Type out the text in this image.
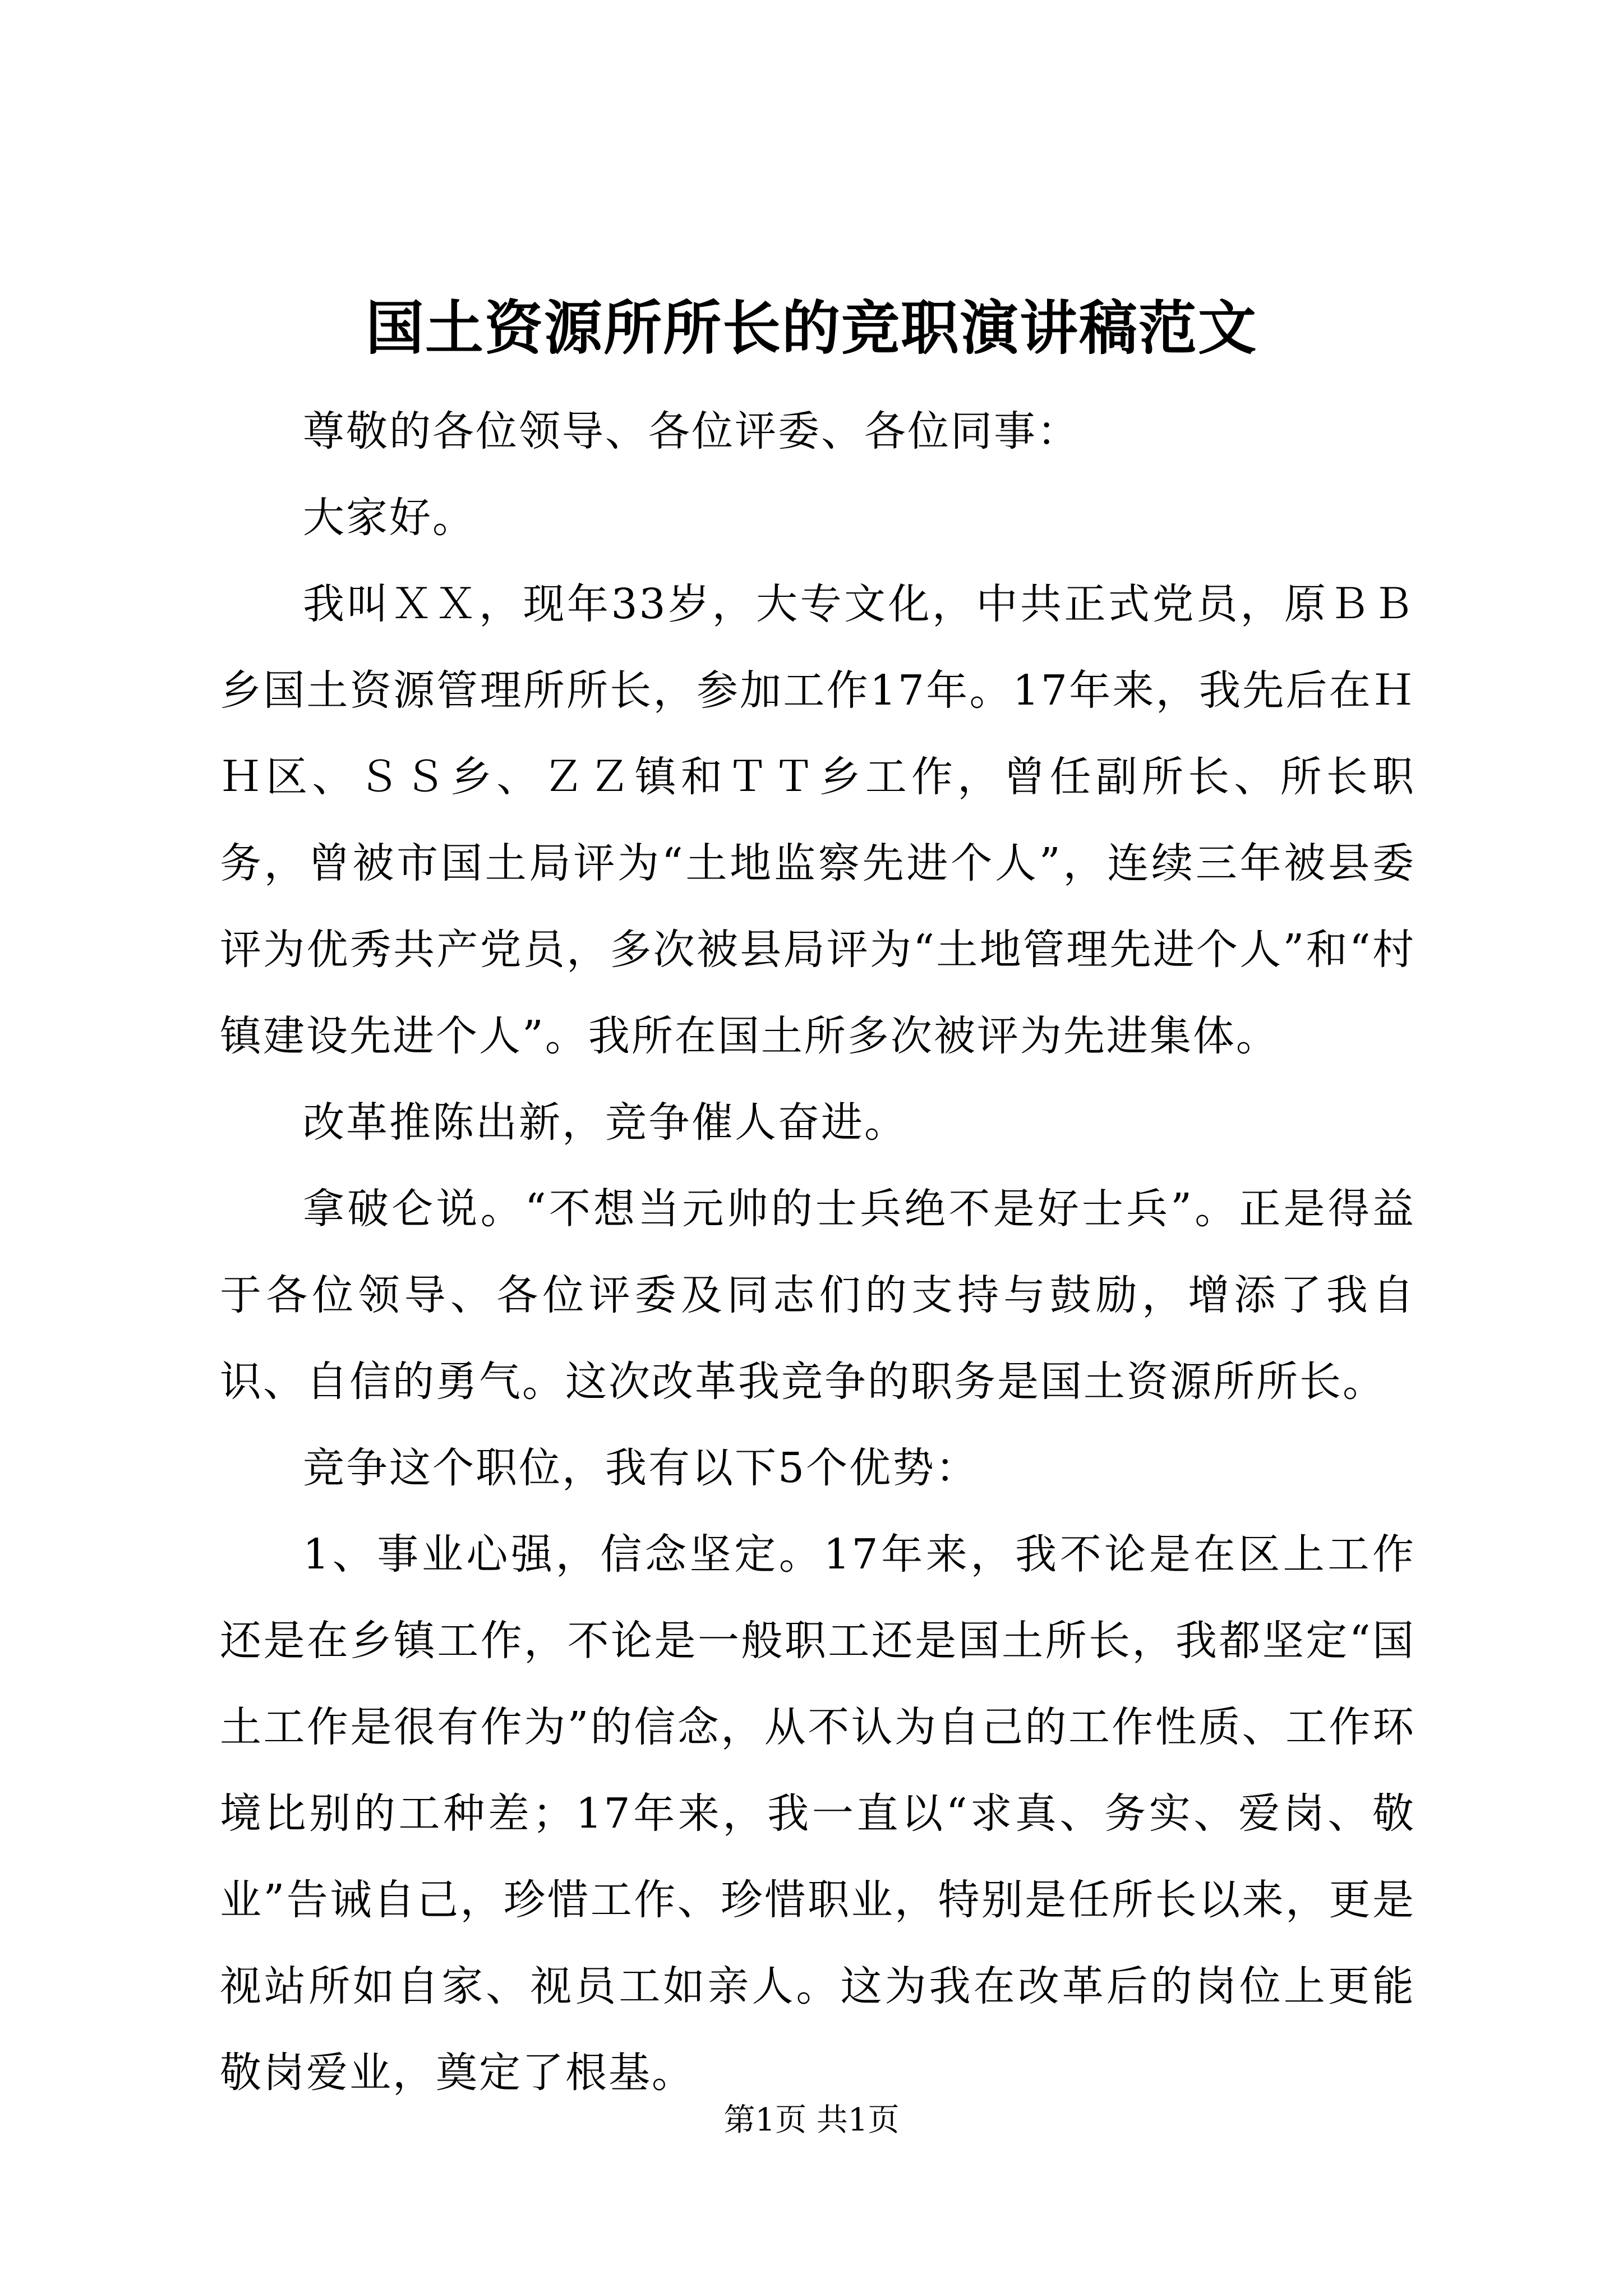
国土资源所所长的竞职演讲稿范文

尊敬的各位领导、各位评委、各位同事：

大家好。

我叫ＸＸ，现年33岁，大专文化，中共正式党员，原ＢＢ乡国土资源管理所所长，参加工作17年。17年来，我先后在ＨＨ区、ＳＳ乡、ＺＺ镇和ＴＴ乡工作，曾任副所长、所长职务，曾被市国土局评为“土地监察先进个人”，连续三年被县委评为优秀共产党员，多次被县局评为“土地管理先进个人”和“村镇建设先进个人”。我所在国土所多次被评为先进集体。

改革推陈出新，竞争催人奋进。

拿破仑说。“不想当元帅的士兵绝不是好士兵”。正是得益于各位领导、各位评委及同志们的支持与鼓励，增添了我自识、自信的勇气。这次改革我竞争的职务是国土资源所所长。

竞争这个职位，我有以下5个优势：

1、事业心强，信念坚定。17年来，我不论是在区上工作还是在乡镇工作，不论是一般职工还是国土所长，我都坚定“国土工作是很有作为”的信念，从不认为自己的工作性质、工作环境比别的工种差；17年来，我一直以“求真、务实、爱岗、敬业”告诫自己，珍惜工作、珍惜职业，特别是任所长以来，更是视站所如自家、视员工如亲人。这为我在改革后的岗位上更能敬岗爱业，奠定了根基。

第1页 共1页
